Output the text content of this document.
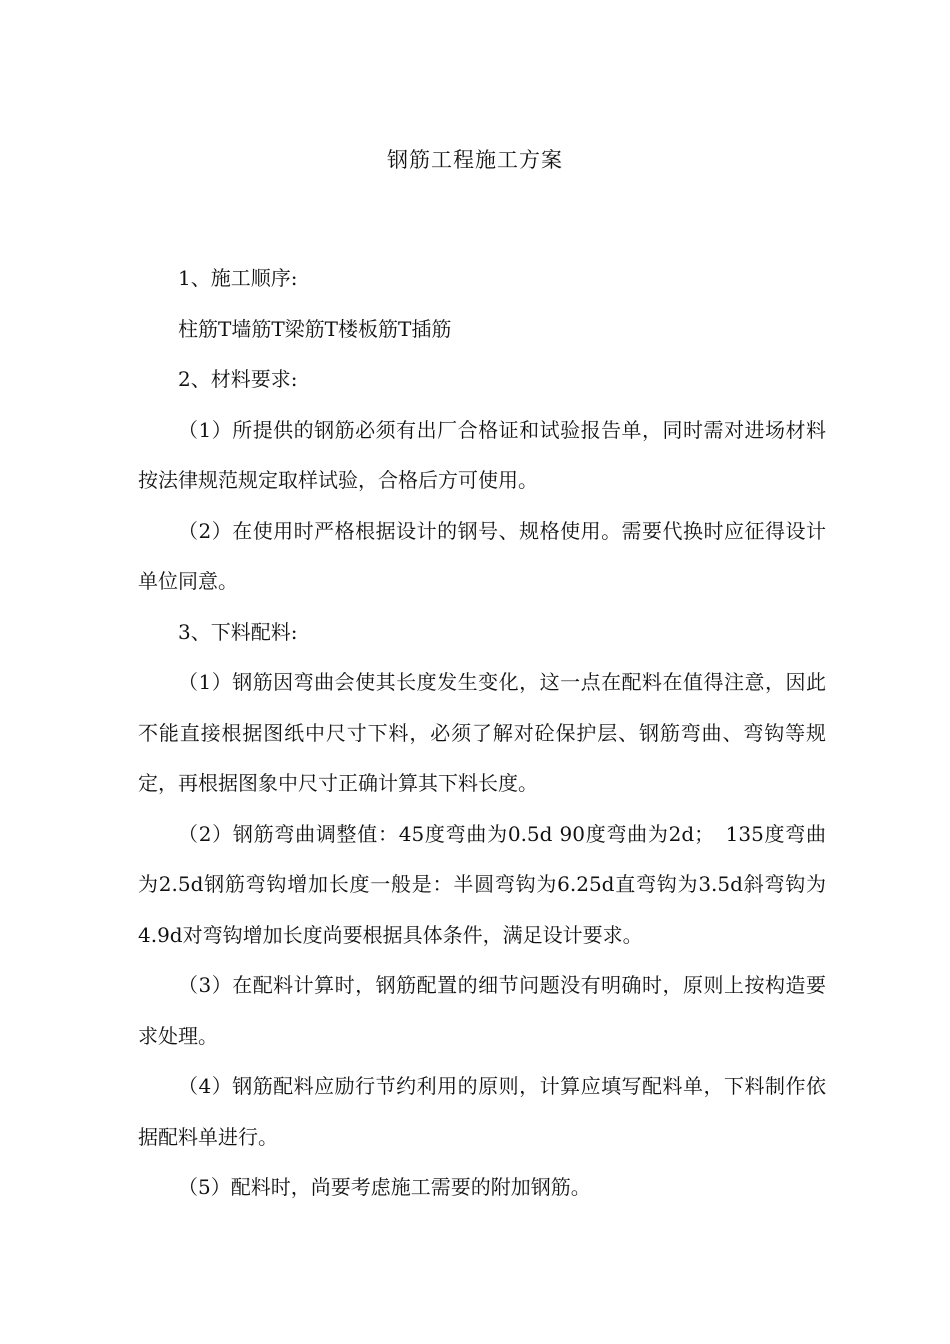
钢筋工程施工方案

1、施工顺序:

柱筋T墙筋T梁筋T楼板筋T插筋

2、材料要求:

（1）所提供的钢筋必须有出厂合格证和试验报告单，同时需对进场材料按法律规范规定取样试验，合格后方可使用。

（2）在使用时严格根据设计的钢号、规格使用。需要代换时应征得设计单位同意。

3、下料配料:

（1）钢筋因弯曲会使其长度发生变化，这一点在配料在值得注意，因此不能直接根据图纸中尺寸下料，必须了解对砼保护层、钢筋弯曲、弯钩等规定，再根据图象中尺寸正确计算其下料长度。

（2）钢筋弯曲调整值：45度弯曲为0.5d 90度弯曲为2d；　135度弯曲为2.5d钢筋弯钩增加长度一般是：半圆弯钩为6.25d直弯钩为3.5d斜弯钩为4.9d对弯钩增加长度尚要根据具体条件，满足设计要求。

（3）在配料计算时，钢筋配置的细节问题没有明确时，原则上按构造要求处理。

（4）钢筋配料应励行节约利用的原则，计算应填写配料单，下料制作依据配料单进行。

（5）配料时，尚要考虑施工需要的附加钢筋。
